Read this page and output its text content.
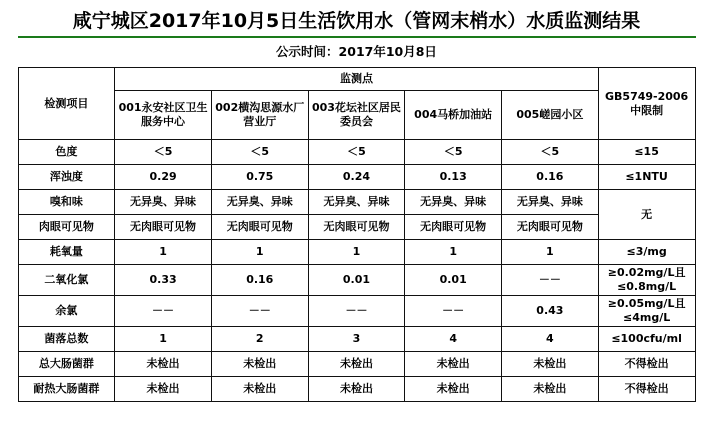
咸宁城区2017年10月5日生活饮用水（管网末梢水）水质监测结果
公示时间：2017年10月8日
检测项目	监测点					GB5749-2006
中限制

	001永安社区卫生服务中心	002横沟思源水厂营业厅	003花坛社区居民委员会	004马桥加油站	005嵯园小区	
色度	＜5	＜5	＜5	＜5	＜5	≤15
浑浊度	0.29	0.75	0.24	0.13	0.16	≤1NTU
嗅和味	无异臭、异味	无异臭、异味	无异臭、异味	无异臭、异味	无异臭、异味	无
肉眼可见物	无肉眼可见物	无肉眼可见物	无肉眼可见物	无肉眼可见物	无肉眼可见物	
耗氧量	1	1	1	1	1	≤3/mg
二氧化氯	0.33	0.16	0.01	0.01	－－	≥0.02mg/L且
≤0.8mg/L

余氯	－－	－－	－－	－－	0.43	≥0.05mg/L且
≤4mg/L

菌落总数	1	2	3	4	4	≤100cfu/ml
总大肠菌群	未检出	未检出	未检出	未检出	未检出	不得检出
耐热大肠菌群	未检出	未检出	未检出	未检出	未检出	不得检出
